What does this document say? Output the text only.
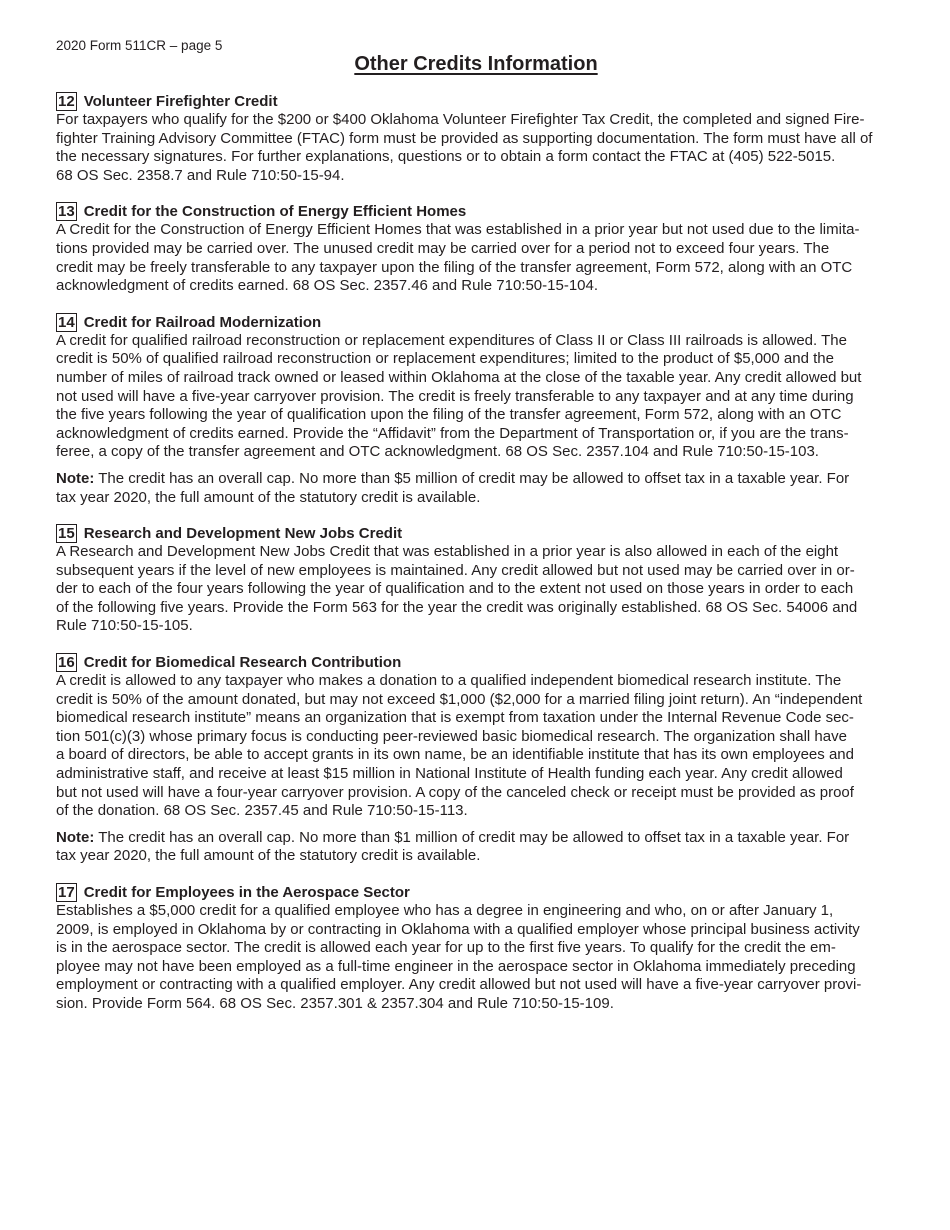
2020 Form 511CR – page 5

Other Credits Information
12 Volunteer Firefighter Credit

For taxpayers who qualify for the $200 or $400 Oklahoma Volunteer Firefighter Tax Credit, the completed and signed Fire-
fighter Training Advisory Committee (FTAC) form must be provided as supporting documentation. The form must have all of
the necessary signatures. For further explanations, questions or to obtain a form contact the FTAC at (405) 522-5015.
68 OS Sec. 2358.7 and Rule 710:50-15-94.

13 Credit for the Construction of Energy Efficient Homes

A Credit for the Construction of Energy Efficient Homes that was established in a prior year but not used due to the limita-
tions provided may be carried over. The unused credit may be carried over for a period not to exceed four years. The
credit may be freely transferable to any taxpayer upon the filing of the transfer agreement, Form 572, along with an OTC
acknowledgment of credits earned. 68 OS Sec. 2357.46 and Rule 710:50-15-104.

14 Credit for Railroad Modernization

A credit for qualified railroad reconstruction or replacement expenditures of Class II or Class III railroads is allowed. The
credit is 50% of qualified railroad reconstruction or replacement expenditures; limited to the product of $5,000 and the
number of miles of railroad track owned or leased within Oklahoma at the close of the taxable year. Any credit allowed but
not used will have a five-year carryover provision. The credit is freely transferable to any taxpayer and at any time during
the five years following the year of qualification upon the filing of the transfer agreement, Form 572, along with an OTC
acknowledgment of credits earned. Provide the “Affidavit” from the Department of Transportation or, if you are the trans-
feree, a copy of the transfer agreement and OTC acknowledgment. 68 OS Sec. 2357.104 and Rule 710:50-15-103.

Note: The credit has an overall cap. No more than $5 million of credit may be allowed to offset tax in a taxable year. For
tax year 2020, the full amount of the statutory credit is available.

15 Research and Development New Jobs Credit

A Research and Development New Jobs Credit that was established in a prior year is also allowed in each of the eight
subsequent years if the level of new employees is maintained. Any credit allowed but not used may be carried over in or-
der to each of the four years following the year of qualification and to the extent not used on those years in order to each
of the following five years. Provide the Form 563 for the year the credit was originally established. 68 OS Sec. 54006 and
Rule 710:50-15-105.

16 Credit for Biomedical Research Contribution

A credit is allowed to any taxpayer who makes a donation to a qualified independent biomedical research institute. The
credit is 50% of the amount donated, but may not exceed $1,000 ($2,000 for a married filing joint return). An “independent
biomedical research institute” means an organization that is exempt from taxation under the Internal Revenue Code sec-
tion 501(c)(3) whose primary focus is conducting peer-reviewed basic biomedical research. The organization shall have
a board of directors, be able to accept grants in its own name, be an identifiable institute that has its own employees and
administrative staff, and receive at least $15 million in National Institute of Health funding each year. Any credit allowed
but not used will have a four-year carryover provision. A copy of the canceled check or receipt must be provided as proof
of the donation. 68 OS Sec. 2357.45 and Rule 710:50-15-113.

Note: The credit has an overall cap. No more than $1 million of credit may be allowed to offset tax in a taxable year. For
tax year 2020, the full amount of the statutory credit is available.

17 Credit for Employees in the Aerospace Sector

Establishes a $5,000 credit for a qualified employee who has a degree in engineering and who, on or after January 1,
2009, is employed in Oklahoma by or contracting in Oklahoma with a qualified employer whose principal business activity
is in the aerospace sector. The credit is allowed each year for up to the first five years. To qualify for the credit the em-
ployee may not have been employed as a full-time engineer in the aerospace sector in Oklahoma immediately preceding
employment or contracting with a qualified employer. Any credit allowed but not used will have a five-year carryover provi-
sion. Provide Form 564. 68 OS Sec. 2357.301 & 2357.304 and Rule 710:50-15-109.
